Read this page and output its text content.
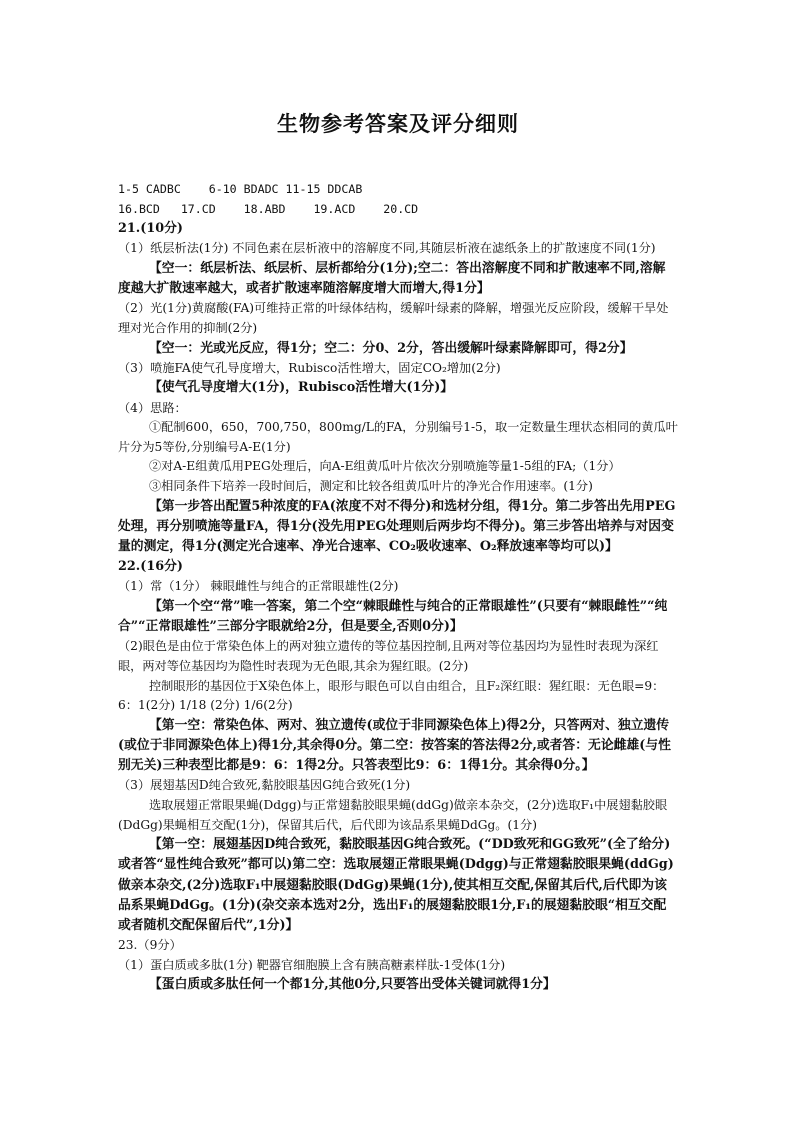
生物参考答案及评分细则

1-5 CADBC    6-10 BDADC 11-15 DDCAB

16.BCD   17.CD    18.ABD    19.ACD    20.CD

21.(10分)

（1）纸层析法(1分) 不同色素在层析液中的溶解度不同,其随层析液在滤纸条上的扩散速度不同(1分)

【空一：纸层析法、纸层析、层析都给分(1分);空二：答出溶解度不同和扩散速率不同,溶解度越大扩散速率越大，或者扩散速率随溶解度增大而增大,得1分】

（2）光(1分)黄腐酸(FA)可维持正常的叶绿体结构，缓解叶绿素的降解，增强光反应阶段，缓解干旱处理对光合作用的抑制(2分)

【空一：光或光反应，得1分；空二：分0、2分，答出缓解叶绿素降解即可，得2分】

（3）喷施FA使气孔导度增大，Rubisco活性增大，固定CO₂增加(2分)

【使气孔导度增大(1分)，Rubisco活性增大(1分)】

（4）思路：

①配制600，650，700,750，800mg/L的FA，分别编号1-5，取一定数量生理状态相同的黄瓜叶片分为5等份,分别编号A-E(1分)

②对A-E组黄瓜用PEG处理后，向A-E组黄瓜叶片依次分别喷施等量1-5组的FA;（1分）

③相同条件下培养一段时间后，测定和比较各组黄瓜叶片的净光合作用速率。(1分)

【第一步答出配置5种浓度的FA(浓度不对不得分)和选材分组，得1分。第二步答出先用PEG处理，再分别喷施等量FA，得1分(没先用PEG处理则后两步均不得分)。第三步答出培养与对因变量的测定，得1分(测定光合速率、净光合速率、CO₂吸收速率、O₂释放速率等均可以)】

22.(16分)

（1）常（1分） 棘眼雌性与纯合的正常眼雄性(2分)

【第一个空“常”唯一答案，第二个空“棘眼雌性与纯合的正常眼雄性”(只要有“棘眼雌性”“纯合”“正常眼雄性”三部分字眼就给2分，但是要全,否则0分)】

（2)眼色是由位于常染色体上的两对独立遗传的等位基因控制,且两对等位基因均为显性时表现为深红眼，两对等位基因均为隐性时表现为无色眼,其余为猩红眼。(2分)

控制眼形的基因位于X染色体上，眼形与眼色可以自由组合，且F₂深红眼：猩红眼：无色眼=9：6：1(2分) 1/18 (2分) 1/6(2分)

【第一空：常染色体、两对、独立遗传(或位于非同源染色体上)得2分，只答两对、独立遗传(或位于非同源染色体上)得1分,其余得0分。第二空：按答案的答法得2分,或者答：无论雌雄(与性别无关)三种表型比都是9：6：1得2分。只答表型比9：6：1得1分。其余得0分。】

（3）展翅基因D纯合致死,黏胶眼基因G纯合致死(1分)

选取展翅正常眼果蝇(Ddgg)与正常翅黏胶眼果蝇(ddGg)做亲本杂交，(2分)选取F₁中展翅黏胶眼(DdGg)果蝇相互交配(1分)，保留其后代，后代即为该品系果蝇DdGg。(1分)

【第一空：展翅基因D纯合致死，黏胶眼基因G纯合致死。(“DD致死和GG致死”(全了给分)或者答“显性纯合致死”都可以)第二空：选取展翅正常眼果蝇(Ddgg)与正常翅黏胶眼果蝇(ddGg)做亲本杂交,(2分)选取F₁中展翅黏胶眼(DdGg)果蝇(1分),使其相互交配,保留其后代,后代即为该品系果蝇DdGg。(1分)(杂交亲本选对2分，选出F₁的展翅黏胶眼1分,F₁的展翅黏胶眼“相互交配或者随机交配保留后代”,1分)】

23.（9分）

（1）蛋白质或多肽(1分) 靶器官细胞膜上含有胰高糖素样肽-1受体(1分)

【蛋白质或多肽任何一个都1分,其他0分,只要答出受体关键词就得1分】
